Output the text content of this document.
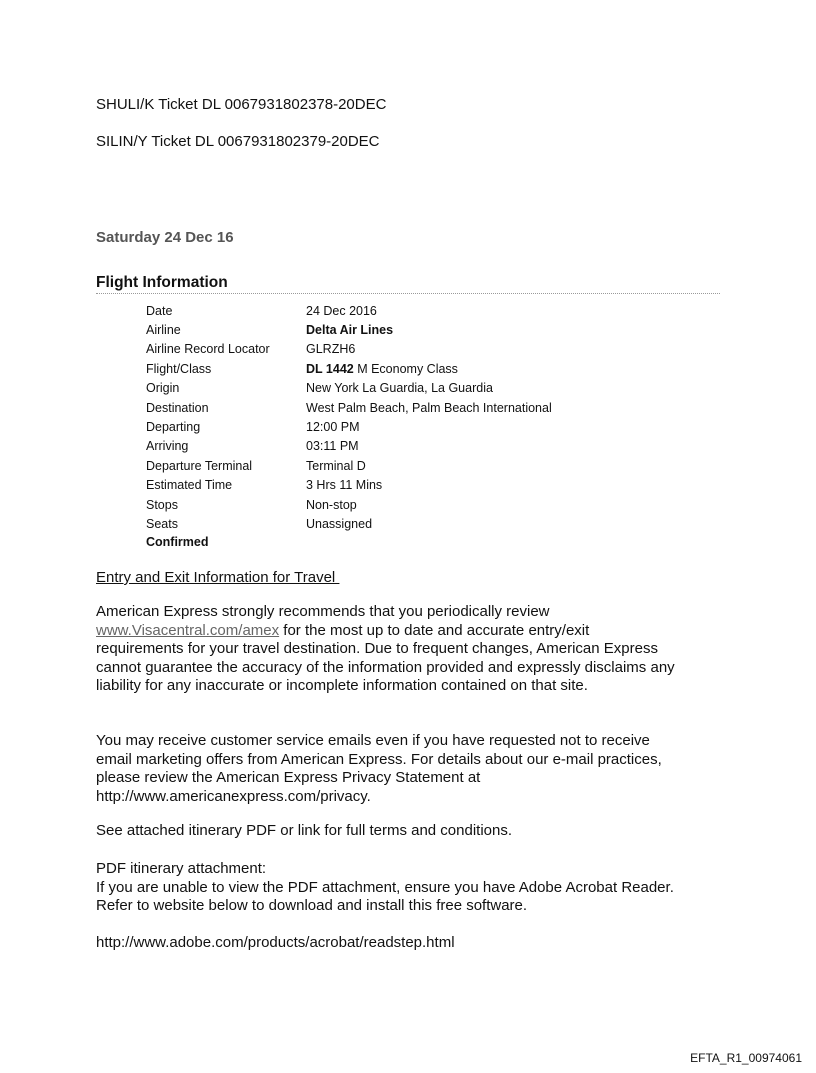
SHULI/K Ticket DL 0067931802378-20DEC
SILIN/Y Ticket DL 0067931802379-20DEC
Saturday 24 Dec 16
Flight Information
Date	24 Dec 2016
Airline	Delta Air Lines
Airline Record Locator	GLRZH6
Flight/Class	DL 1442 M Economy Class
Origin	New York La Guardia, La Guardia
Destination	West Palm Beach, Palm Beach International
Departing	12:00 PM
Arriving	03:11 PM
Departure Terminal	Terminal D
Estimated Time	3 Hrs 11 Mins
Stops	Non-stop
Seats	Unassigned
Confirmed
Entry and Exit Information for Travel
American Express strongly recommends that you periodically review
www.Visacentral.com/amex for the most up to date and accurate entry/exit
requirements for your travel destination. Due to frequent changes, American Express
cannot guarantee the accuracy of the information provided and expressly disclaims any
liability for any inaccurate or incomplete information contained on that site.
You may receive customer service emails even if you have requested not to receive
email marketing offers from American Express. For details about our e-mail practices,
please review the American Express Privacy Statement at
http://www.americanexpress.com/privacy.
See attached itinerary PDF or link for full terms and conditions.
PDF itinerary attachment:
If you are unable to view the PDF attachment, ensure you have Adobe Acrobat Reader.
Refer to website below to download and install this free software.
http://www.adobe.com/products/acrobat/readstep.html
EFTA_R1_00974061
